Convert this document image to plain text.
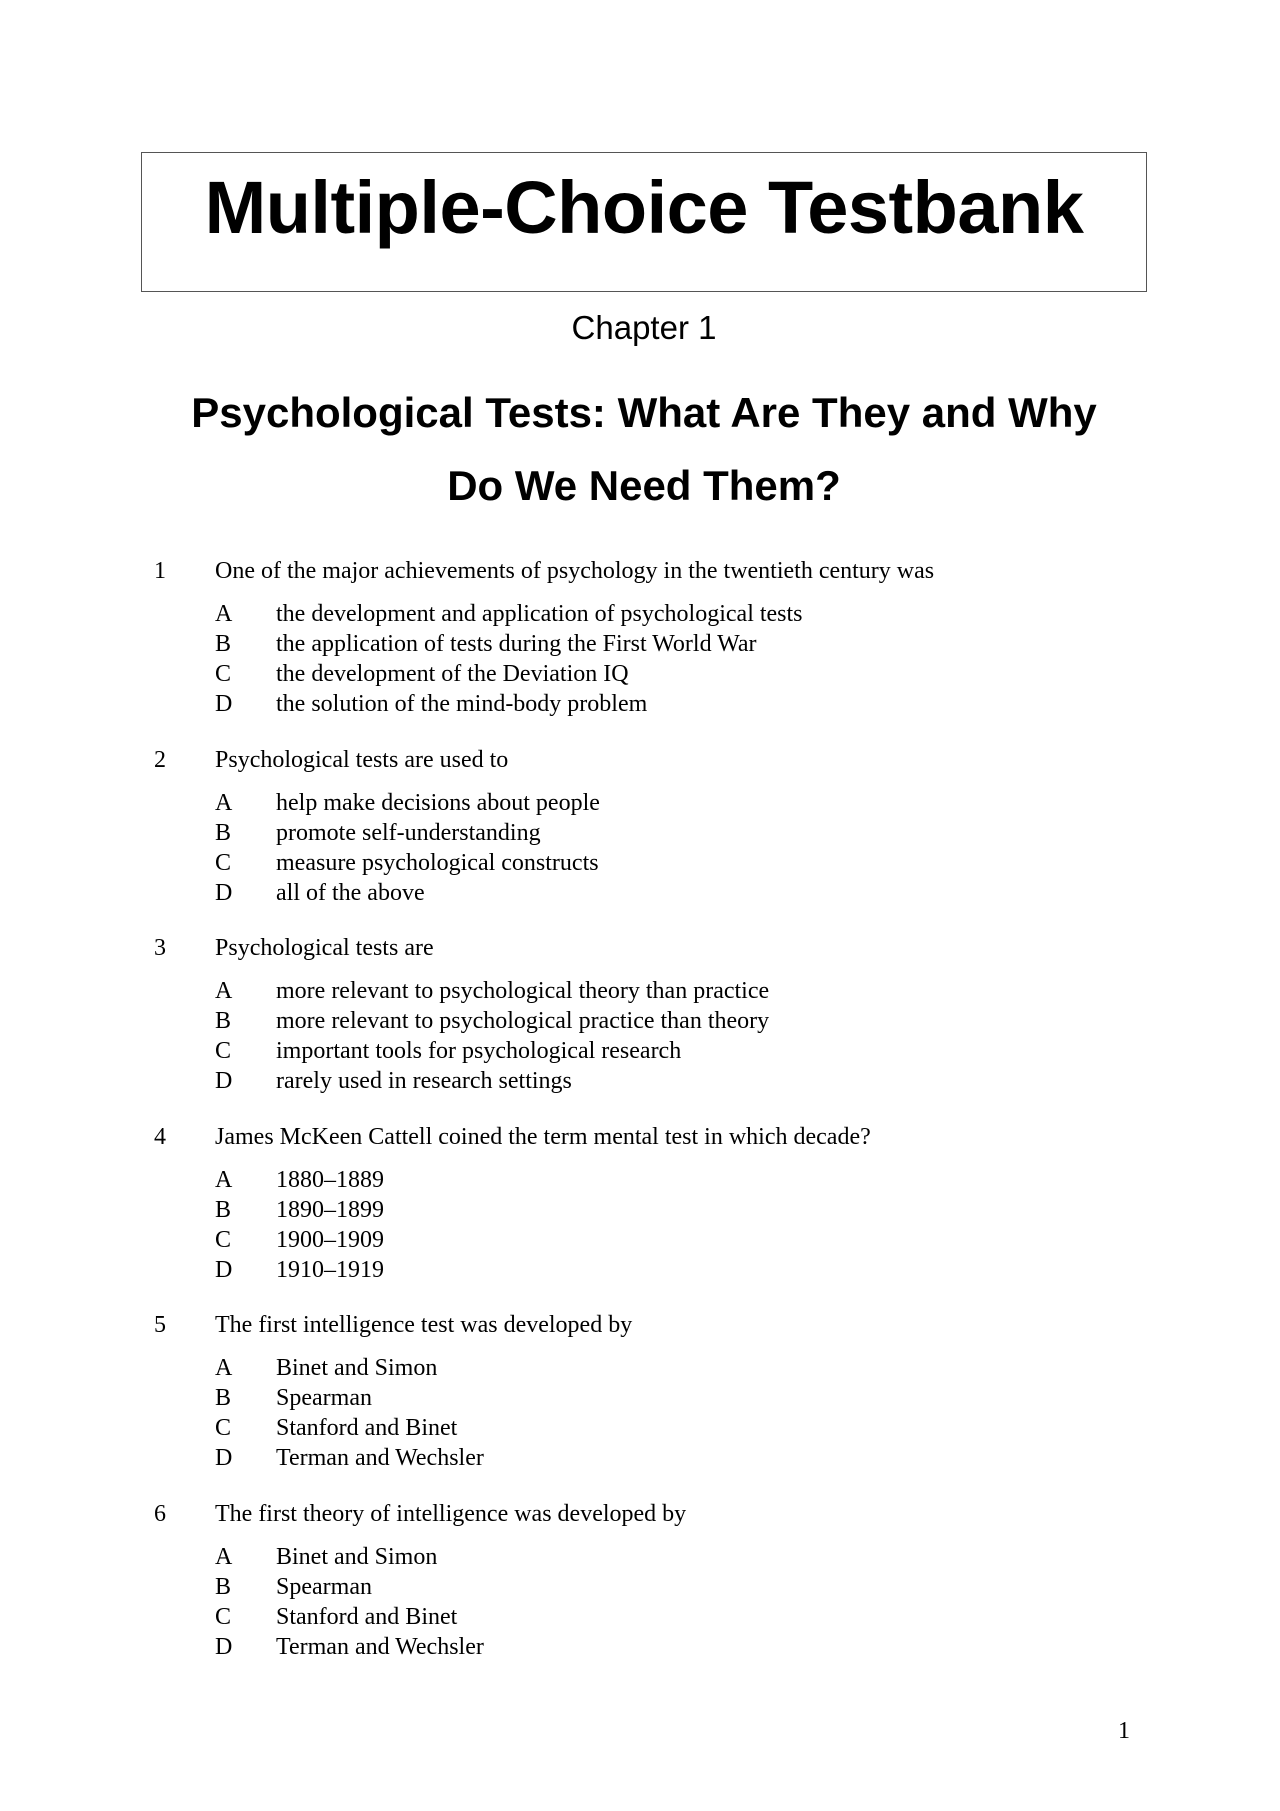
Multiple-Choice Testbank
Chapter 1
Psychological Tests: What Are They and Why
Do We Need Them?
1 One of the major achievements of psychology in the twentieth century was
A the development and application of psychological tests
B the application of tests during the First World War
C the development of the Deviation IQ
D the solution of the mind-body problem
2 Psychological tests are used to
A help make decisions about people
B promote self-understanding
C measure psychological constructs
D all of the above
3 Psychological tests are
A more relevant to psychological theory than practice
B more relevant to psychological practice than theory
C important tools for psychological research
D rarely used in research settings
4 James McKeen Cattell coined the term mental test in which decade?
A 1880–1889
B 1890–1899
C 1900–1909
D 1910–1919
5 The first intelligence test was developed by
A Binet and Simon
B Spearman
C Stanford and Binet
D Terman and Wechsler
6 The first theory of intelligence was developed by
A Binet and Simon
B Spearman
C Stanford and Binet
D Terman and Wechsler
1
